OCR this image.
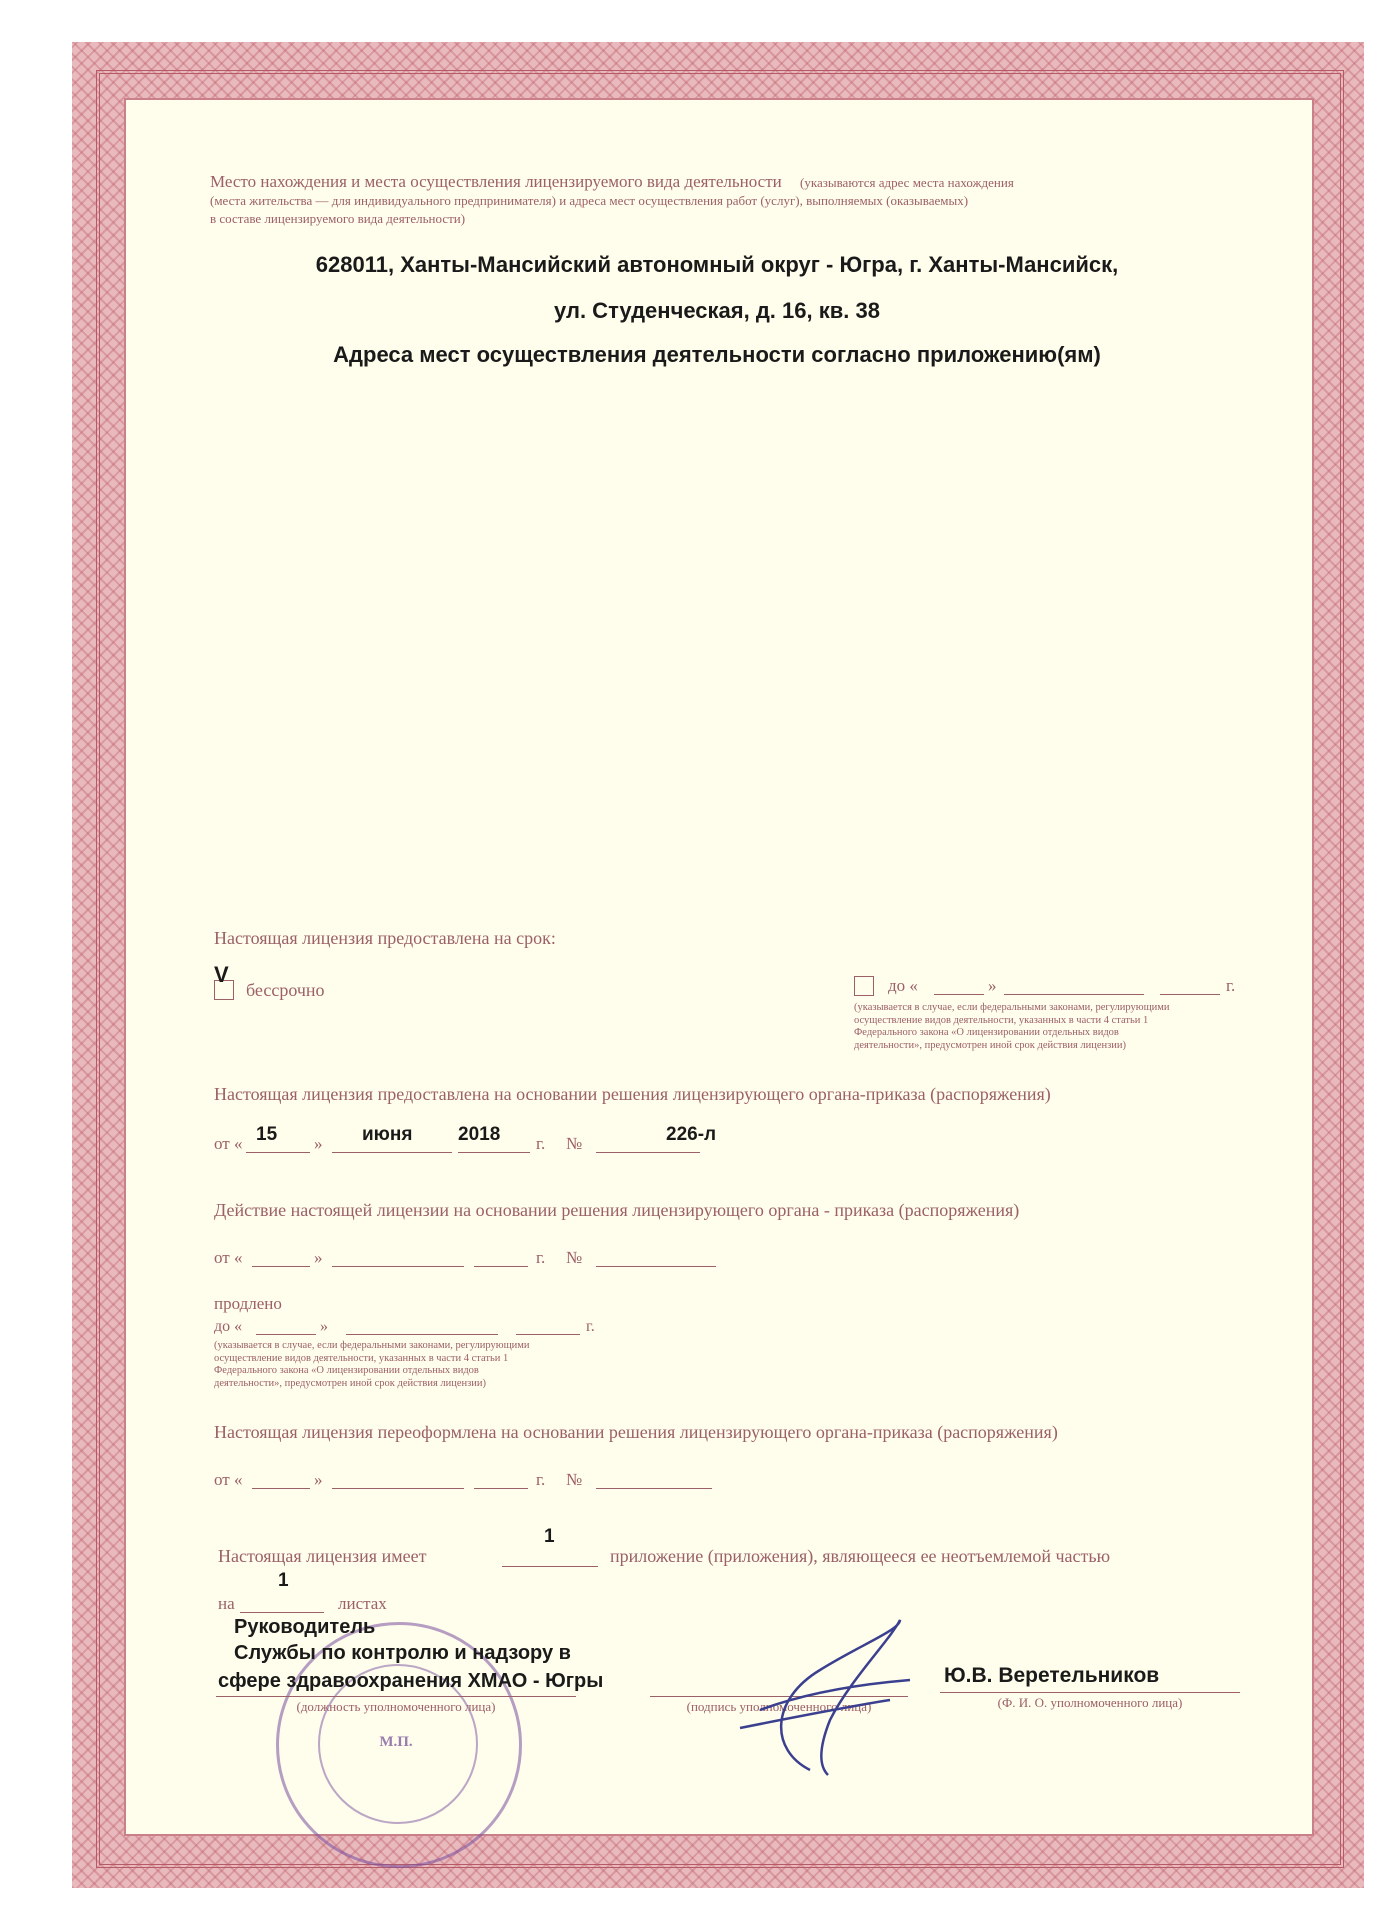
Место нахождения и места осуществления лицензируемого вида деятельности (указываются адрес места нахождения
(места жительства — для индивидуального предпринимателя) и адреса мест осуществления работ (услуг), выполняемых (оказываемых)
в составе лицензируемого вида деятельности)
628011, Ханты-Мансийский автономный округ - Югра, г. Ханты-Мансийск,
ул. Студенческая, д. 16, кв. 38
Адреса мест осуществления деятельности согласно приложению(ям)
Настоящая лицензия предоставлена на срок:
V
бессрочно	до «	»	г.
(указывается в случае, если федеральными законами, регулирующими
осуществление видов деятельности, указанных в части 4 статьи 1
Федерального закона «О лицензировании отдельных видов
деятельности», предусмотрен иной срок действия лицензии)
Настоящая лицензия предоставлена на основании решения лицензирующего органа-приказа (распоряжения)
от « 15 » июня 2018 г. №	226-л
Действие настоящей лицензии на основании решения лицензирующего органа - приказа (распоряжения)
от «	»	г. №
продлено
до «	»	г.
(указывается в случае, если федеральными законами, регулирующими
осуществление видов деятельности, указанных в части 4 статьи 1
Федерального закона «О лицензировании отдельных видов
деятельности», предусмотрен иной срок действия лицензии)
Настоящая лицензия переоформлена на основании решения лицензирующего органа-приказа (распоряжения)
от «	»	г. №
Настоящая лицензия имеет
1
приложение (приложения), являющееся ее неотъемлемой частью
на
1
листах
М.П.
Руководитель
Службы по контролю и надзору в
сфере здравоохранения ХМАО - Югры
(должность уполномоченного лица)	(подпись уполномоченного лица)
Ю.В. Веретельников
(Ф. И. О. уполномоченного лица)
